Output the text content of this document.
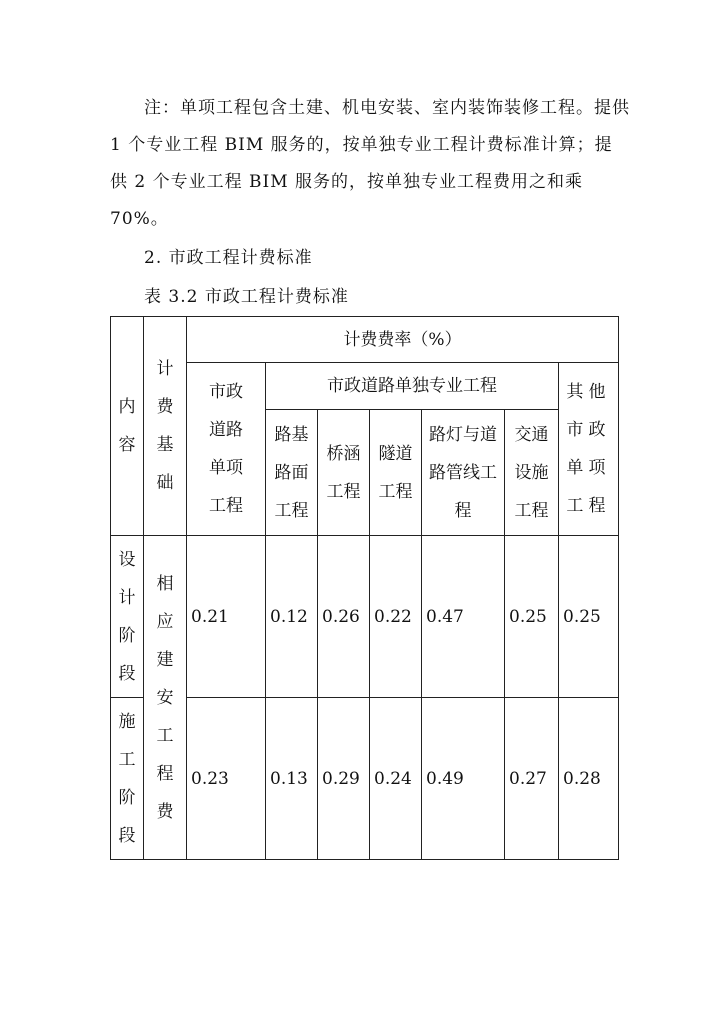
注：单项工程包含土建、机电安装、室内装饰装修工程。提供 1 个专业工程 BIM 服务的，按单独专业工程计费标准计算；提供 2 个专业工程 BIM 服务的，按单独专业工程费用之和乘 70%。
2. 市政工程计费标准
表 3.2 市政工程计费标准
内容	计费基础	计费费率（%）						
		市政道路单项工程	市政道路单独专业工程					其他市政单项工程
			路基路面工程	桥涵工程	隧道工程	路灯与道路管线工程	交通设施工程	
设计阶段	相应建安工程费	0.21	0.12	0.26	0.22	0.47	0.25	0.25
施工阶段		0.23	0.13	0.29	0.24	0.49	0.27	0.28
